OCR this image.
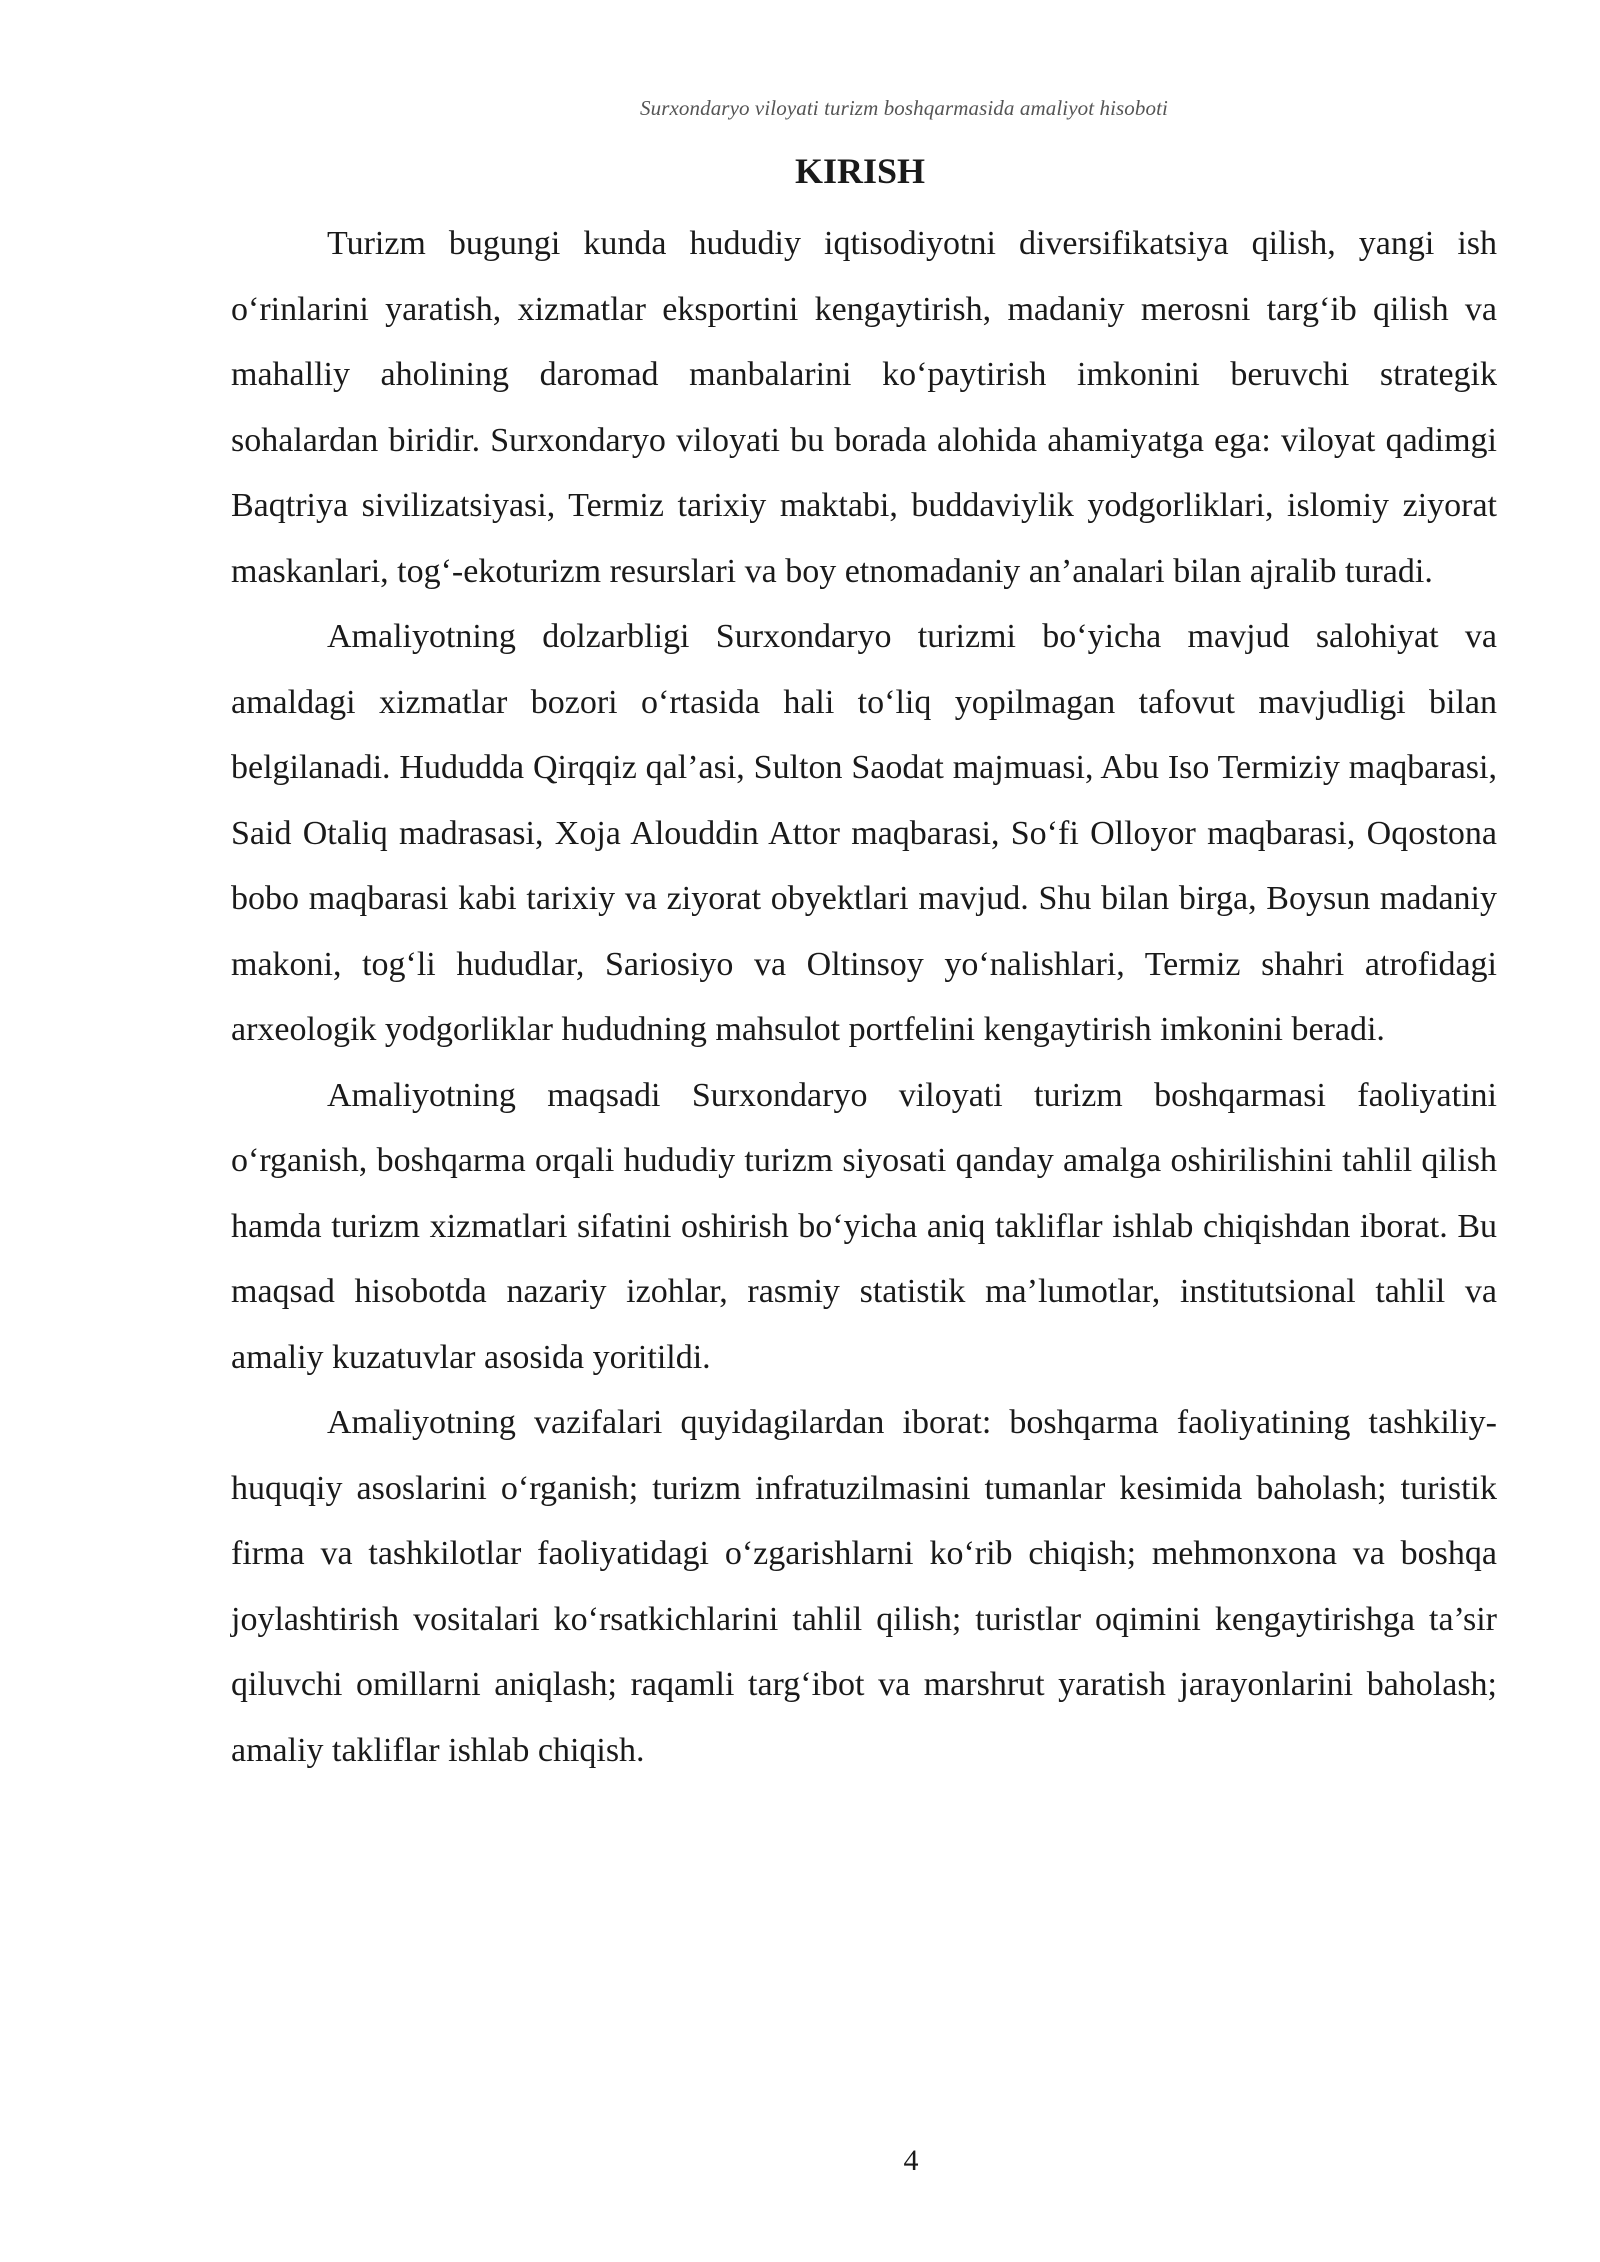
Surxondaryo viloyati turizm boshqarmasida amaliyot hisoboti
KIRISH

Turizm bugungi kunda hududiy iqtisodiyotni diversifikatsiya qilish, yangi ish o‘rinlarini yaratish, xizmatlar eksportini kengaytirish, madaniy merosni targ‘ib qilish va mahalliy aholining daromad manbalarini ko‘paytirish imkonini beruvchi strategik sohalardan biridir. Surxondaryo viloyati bu borada alohida ahamiyatga ega: viloyat qadimgi Baqtriya sivilizatsiyasi, Termiz tarixiy maktabi, buddaviylik yodgorliklari, islomiy ziyorat maskanlari, tog‘-ekoturizm resurslari va boy etnomadaniy an’analari bilan ajralib turadi.

Amaliyotning dolzarbligi Surxondaryo turizmi bo‘yicha mavjud salohiyat va amaldagi xizmatlar bozori o‘rtasida hali to‘liq yopilmagan tafovut mavjudligi bilan belgilanadi. Hududda Qirqqiz qal’asi, Sulton Saodat majmuasi, Abu Iso Termiziy maqbarasi, Said Otaliq madrasasi, Xoja Alouddin Attor maqbarasi, So‘fi Olloyor maqbarasi, Oqostona bobo maqbarasi kabi tarixiy va ziyorat obyektlari mavjud. Shu bilan birga, Boysun madaniy makoni, tog‘li hududlar, Sariosiyo va Oltinsoy yo‘nalishlari, Termiz shahri atrofidagi arxeologik yodgorliklar hududning mahsulot portfelini kengaytirish imkonini beradi.

Amaliyotning maqsadi Surxondaryo viloyati turizm boshqarmasi faoliyatini o‘rganish, boshqarma orqali hududiy turizm siyosati qanday amalga oshirilishini tahlil qilish hamda turizm xizmatlari sifatini oshirish bo‘yicha aniq takliflar ishlab chiqishdan iborat. Bu maqsad hisobotda nazariy izohlar, rasmiy statistik ma’lumotlar, institutsional tahlil va amaliy kuzatuvlar asosida yoritildi.

Amaliyotning vazifalari quyidagilardan iborat: boshqarma faoliyatining tashkiliy-huquqiy asoslarini o‘rganish; turizm infratuzilmasini tumanlar kesimida baholash; turistik firma va tashkilotlar faoliyatidagi o‘zgarishlarni ko‘rib chiqish; mehmonxona va boshqa joylashtirish vositalari ko‘rsatkichlarini tahlil qilish; turistlar oqimini kengaytirishga ta’sir qiluvchi omillarni aniqlash; raqamli targ‘ibot va marshrut yaratish jarayonlarini baholash; amaliy takliflar ishlab chiqish.

4
